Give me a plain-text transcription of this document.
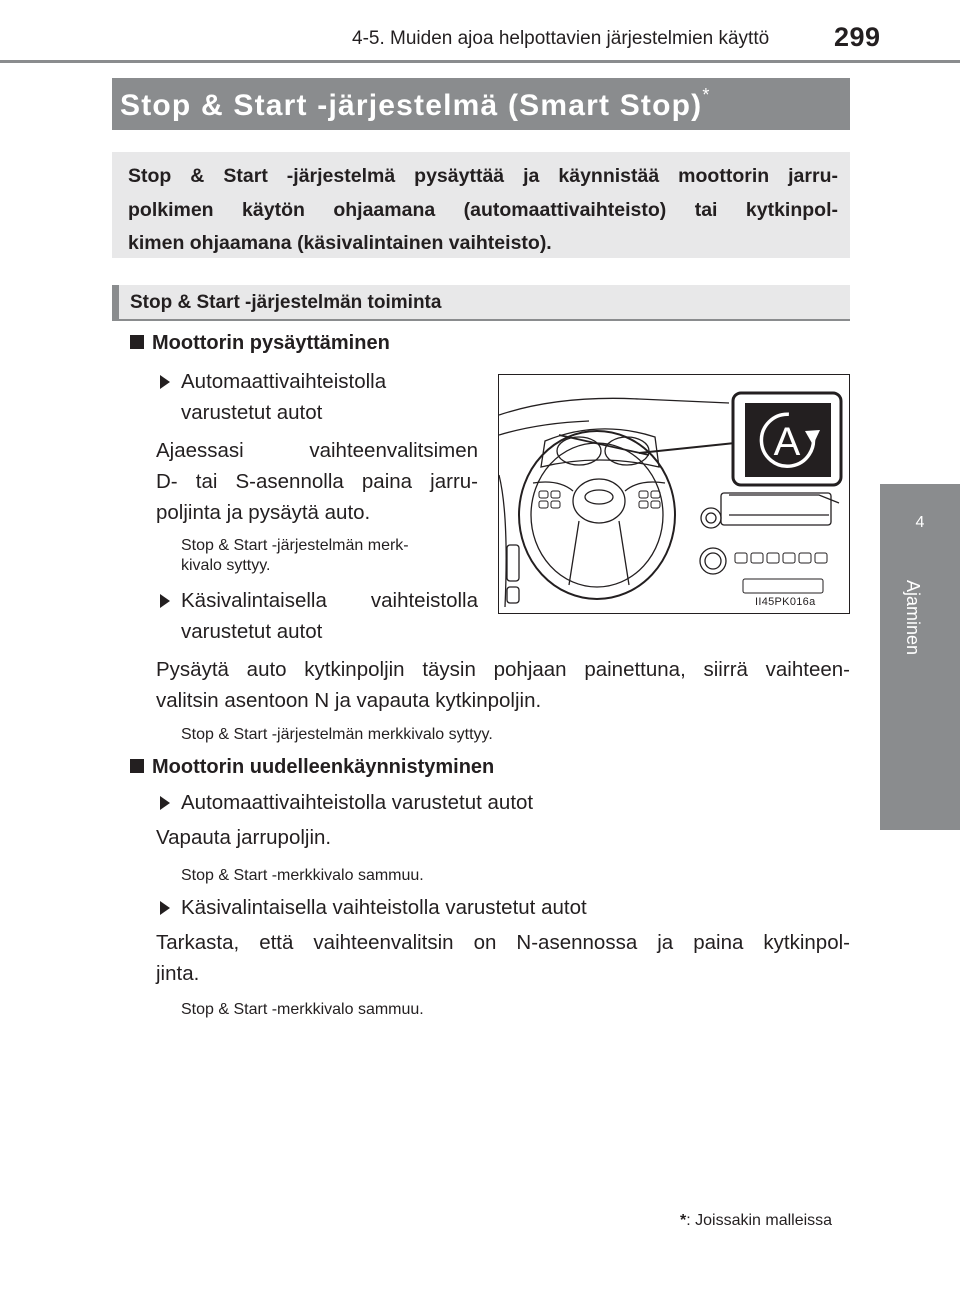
4-5. Muiden ajoa helpottavien järjestelmien käyttö 299
4
Ajaminen
Stop & Start -järjestelmä (Smart Stop)*
Stop & Start -järjestelmä pysäyttää ja käynnistää moottorin jarru-
polkimen käytön ohjaamana (automaattivaihteisto) tai kytkinpol-
kimen ohjaamana (käsivalintainen vaihteisto).
Stop & Start -järjestelmän toiminta
Moottorin pysäyttäminen
Automaattivaihteistolla
varustetut autot
Ajaessasi vaihteenvalitsimen
D- tai S-asennolla paina jarru-
poljinta ja pysäytä auto.
Stop & Start -järjestelmän merk-
kivalo syttyy.
Käsivalintaisella vaihteistolla
varustetut autot
Pysäytä auto kytkinpoljin täysin pohjaan painettuna, siirrä vaihteen-
valitsin asentoon N ja vapauta kytkinpoljin.
Stop & Start -järjestelmän merkkivalo syttyy.
Moottorin uudelleenkäynnistyminen
Automaattivaihteistolla varustetut autot
Vapauta jarrupoljin.
Stop & Start -merkkivalo sammuu.
Käsivalintaisella vaihteistolla varustetut autot
Tarkasta, että vaihteenvalitsin on N-asennossa ja paina kytkinpol-
jinta.
Stop & Start -merkkivalo sammuu.
A
II45PK016a
*: Joissakin malleissa
